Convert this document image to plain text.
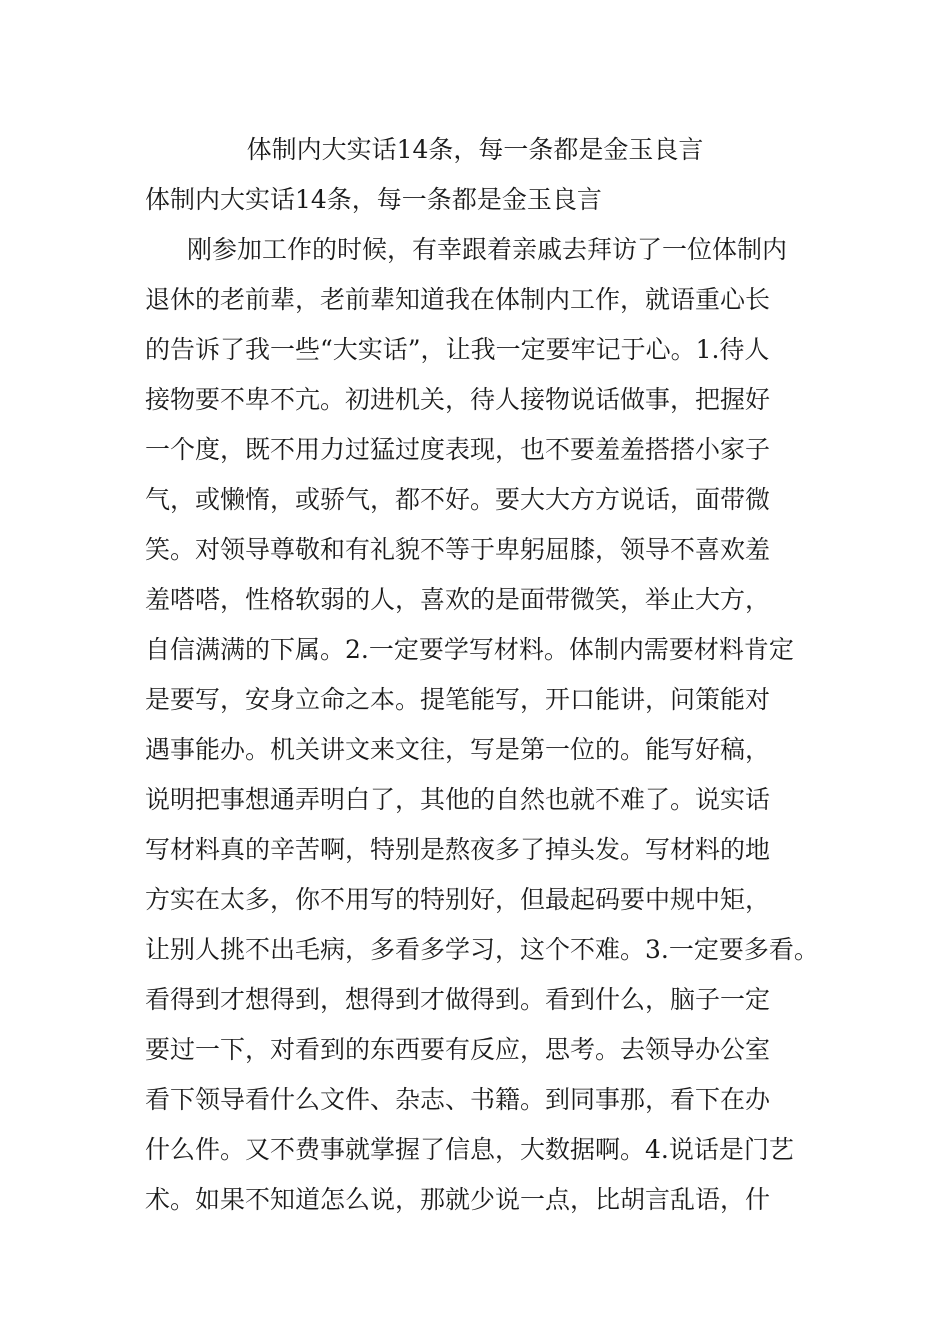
体制内大实话14条，每一条都是金玉良言
体制内大实话14条，每一条都是金玉良言
刚参加工作的时候，有幸跟着亲戚去拜访了一位体制内
退休的老前辈，老前辈知道我在体制内工作，就语重心长
的告诉了我一些“大实话”，让我一定要牢记于心。1.待人
接物要不卑不亢。初进机关，待人接物说话做事，把握好
一个度，既不用力过猛过度表现，也不要羞羞搭搭小家子
气，或懒惰，或骄气，都不好。要大大方方说话，面带微
笑。对领导尊敬和有礼貌不等于卑躬屈膝，领导不喜欢羞
羞嗒嗒，性格软弱的人，喜欢的是面带微笑，举止大方，
自信满满的下属。2.一定要学写材料。体制内需要材料肯定
是要写，安身立命之本。提笔能写，开口能讲，问策能对
遇事能办。机关讲文来文往，写是第一位的。能写好稿，
说明把事想通弄明白了，其他的自然也就不难了。说实话
写材料真的辛苦啊，特别是熬夜多了掉头发。写材料的地
方实在太多，你不用写的特别好，但最起码要中规中矩，
让别人挑不出毛病，多看多学习，这个不难。3.一定要多看。
看得到才想得到，想得到才做得到。看到什么，脑子一定
要过一下，对看到的东西要有反应，思考。去领导办公室
看下领导看什么文件、杂志、书籍。到同事那，看下在办
什么件。又不费事就掌握了信息，大数据啊。4.说话是门艺
术。如果不知道怎么说，那就少说一点，比胡言乱语，什
